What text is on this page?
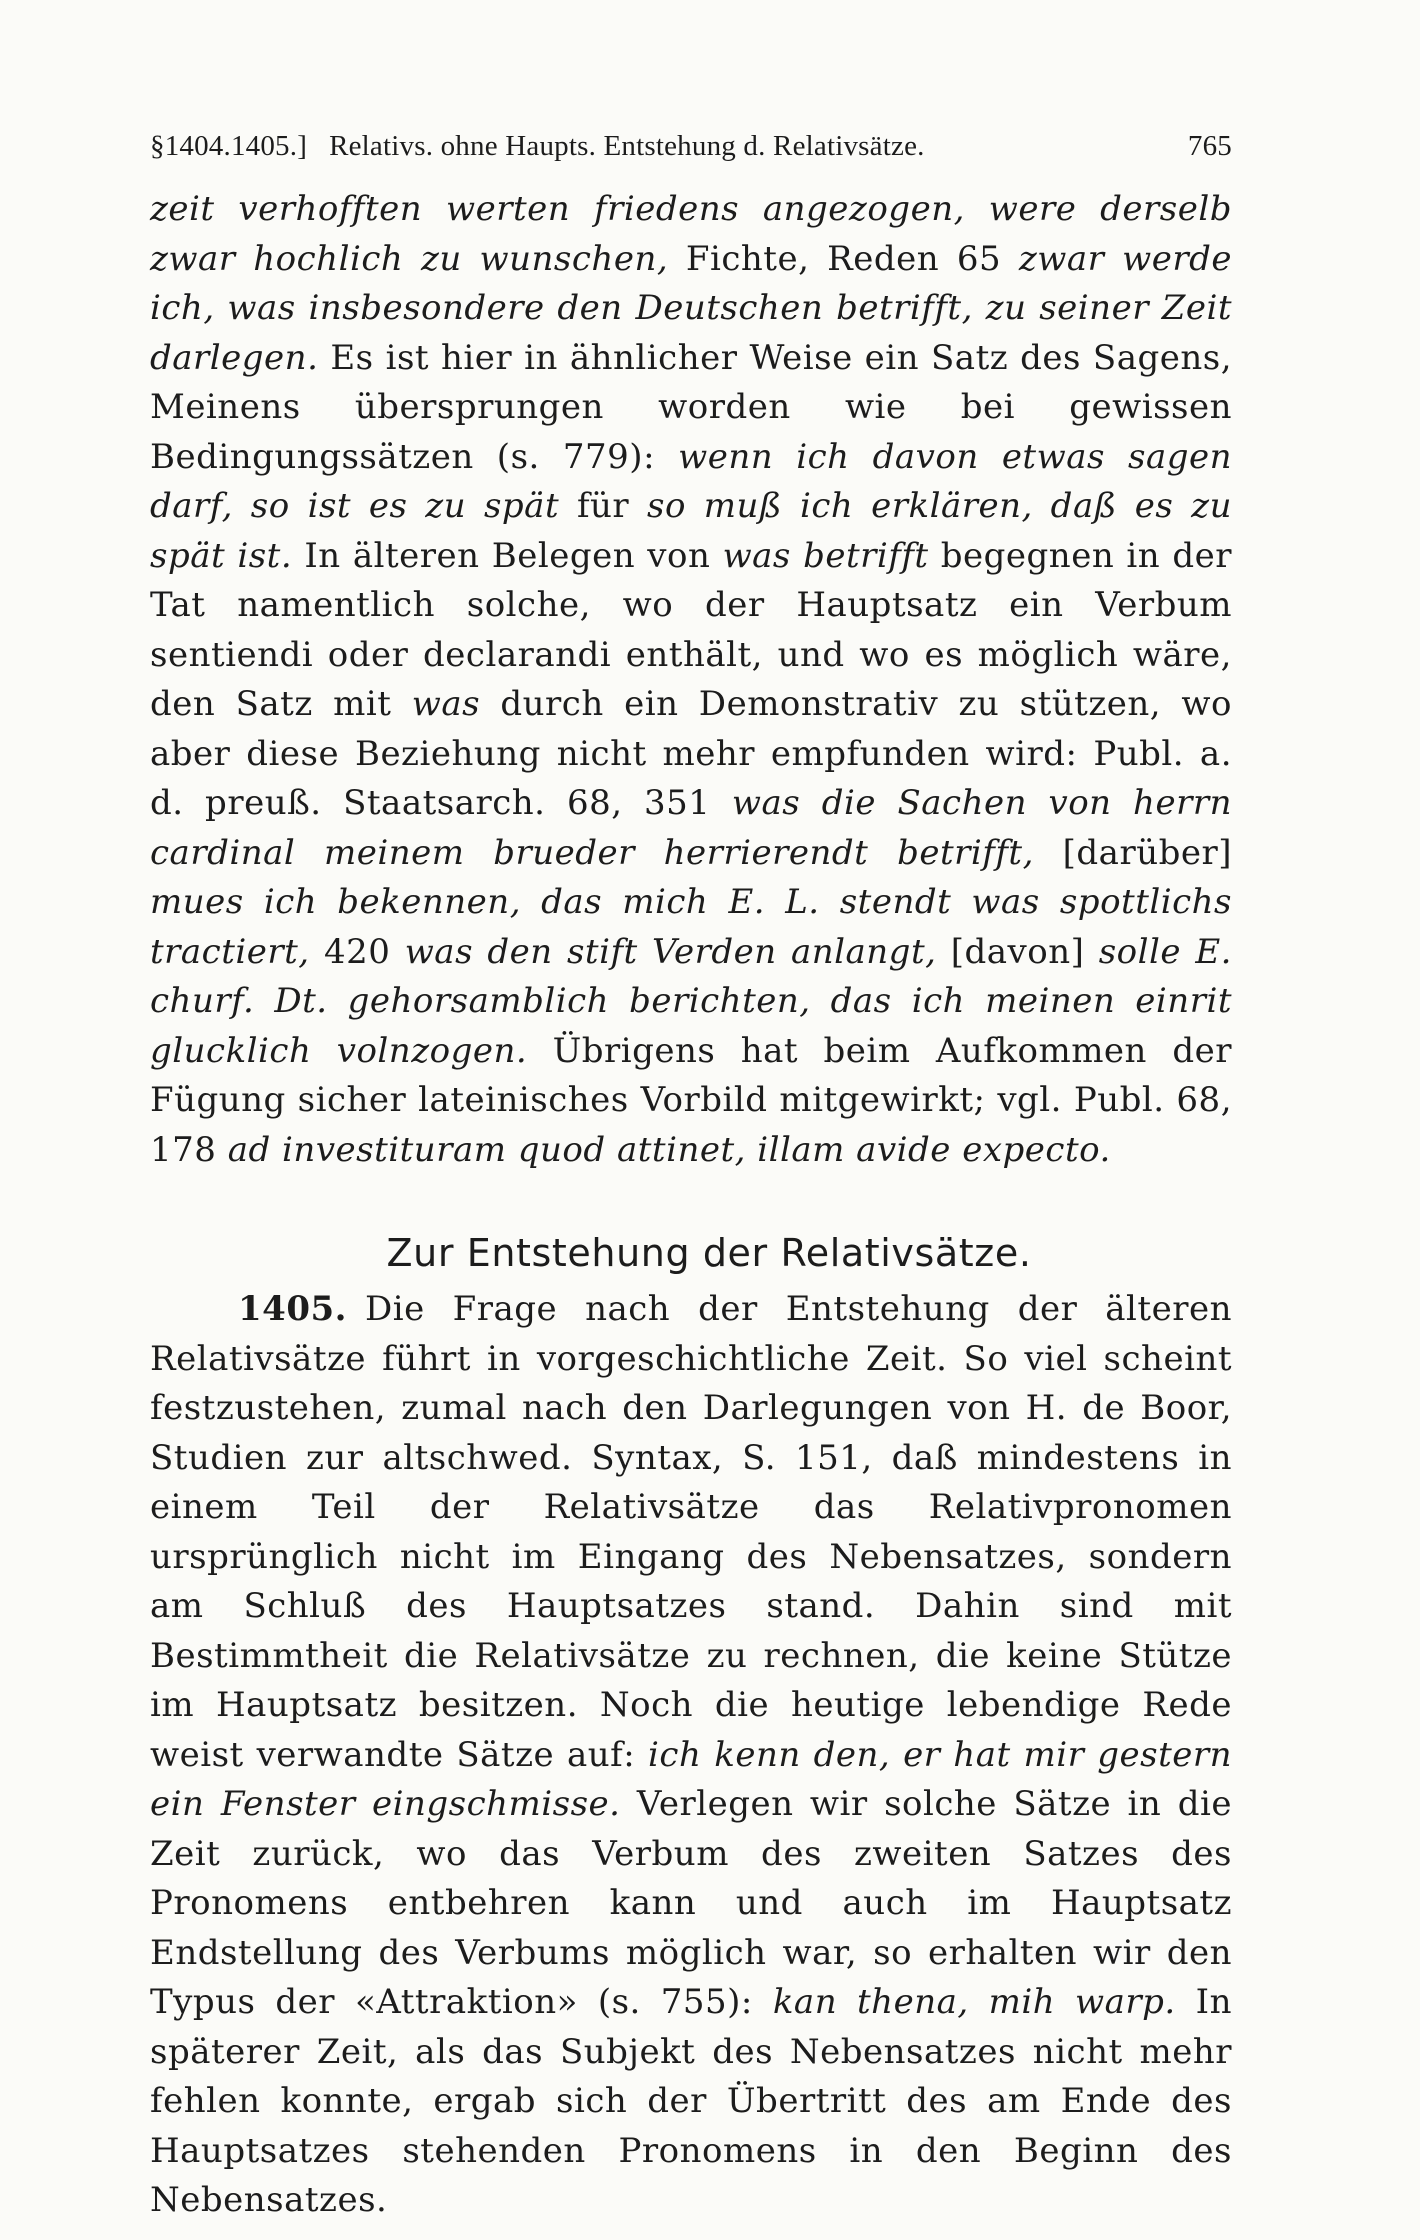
§1404.1405.] Relativs. ohne Haupts. Entstehung d. Relativsätze.	765

zeit verhofften werten friedens angezogen, were derselb zwar hochlich zu wunschen, Fichte, Reden 65 zwar werde ich, was insbesondere den Deutschen betrifft, zu seiner Zeit darlegen. Es ist hier in ähnlicher Weise ein Satz des Sagens, Meinens übersprungen worden wie bei gewissen Bedingungssätzen (s. 779): wenn ich davon etwas sagen darf, so ist es zu spät für so muß ich erklären, daß es zu spät ist. In älteren Belegen von was betrifft begegnen in der Tat namentlich solche, wo der Hauptsatz ein Verbum sentiendi oder declarandi enthält, und wo es möglich wäre, den Satz mit was durch ein Demonstrativ zu stützen, wo aber diese Beziehung nicht mehr empfunden wird: Publ. a. d. preuß. Staatsarch. 68, 351 was die Sachen von herrn cardinal meinem brueder herrierendt betrifft, [darüber] mues ich bekennen, das mich E. L. stendt was spottlichs tractiert, 420 was den stift Verden anlangt, [davon] solle E. churf. Dt. gehorsamblich berichten, das ich meinen einrit glucklich volnzogen. Übrigens hat beim Aufkommen der Fügung sicher lateinisches Vorbild mitgewirkt; vgl. Publ. 68, 178 ad investituram quod attinet, illam avide expecto.

Zur Entstehung der Relativsätze.

1405. Die Frage nach der Entstehung der älteren Relativsätze führt in vorgeschichtliche Zeit. So viel scheint festzustehen, zumal nach den Darlegungen von H. de Boor, Studien zur altschwed. Syntax, S. 151, daß mindestens in einem Teil der Relativsätze das Relativpronomen ursprünglich nicht im Eingang des Nebensatzes, sondern am Schluß des Hauptsatzes stand. Dahin sind mit Bestimmtheit die Relativsätze zu rechnen, die keine Stütze im Hauptsatz besitzen. Noch die heutige lebendige Rede weist verwandte Sätze auf: ich kenn den, er hat mir gestern ein Fenster eingschmisse. Verlegen wir solche Sätze in die Zeit zurück, wo das Verbum des zweiten Satzes des Pronomens entbehren kann und auch im Hauptsatz Endstellung des Verbums möglich war, so erhalten wir den Typus der «Attraktion» (s. 755): kan thena, mih warp. In späterer Zeit, als das Subjekt des Nebensatzes nicht mehr fehlen konnte, ergab sich der Übertritt des am Ende des Hauptsatzes stehenden Pronomens in den Beginn des Nebensatzes.
